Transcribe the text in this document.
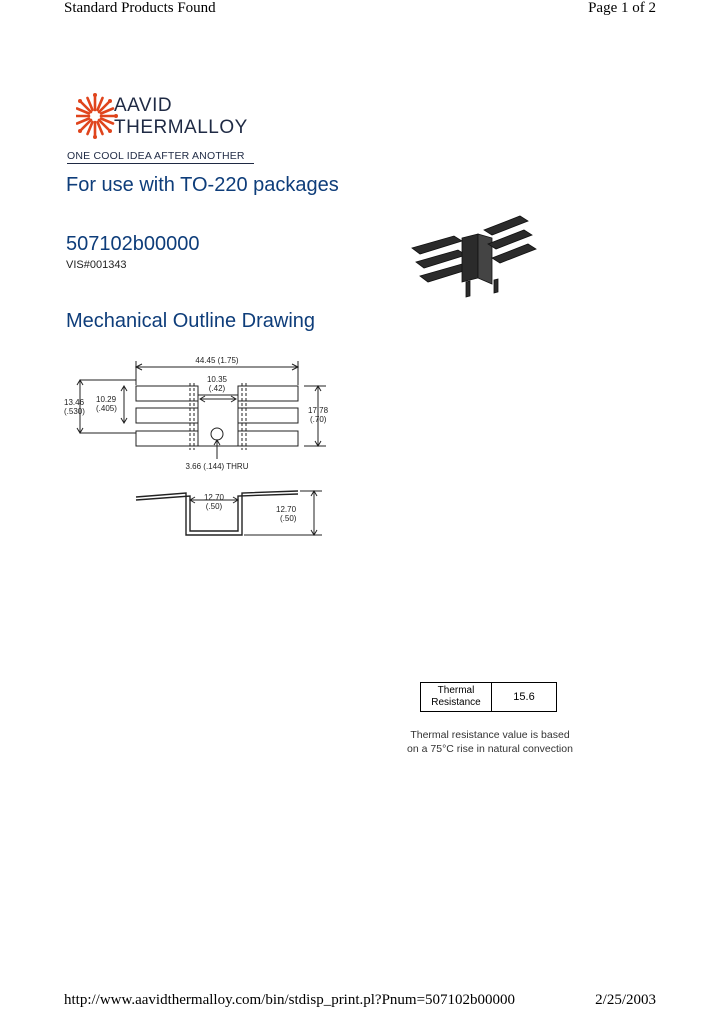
Standard Products Found	Page 1 of 2
AAVID
THERMALLOY
ONE COOL IDEA AFTER ANOTHER
For use with TO-220 packages
507102b00000
VIS#001343
Mechanical Outline Drawing
44.45 (1.75)
10.35
(.42)
13.46
(.530)
10.29
(.405)	17.78
(.70)
3.66 (.144) THRU
12.70
(.50)	12.70
(.50)
Thermal
Resistance	15.6
Thermal resistance value is based
on a 75°C rise in natural convection
http://www.aavidthermalloy.com/bin/stdisp_print.pl?Pnum=507102b00000	2/25/2003
